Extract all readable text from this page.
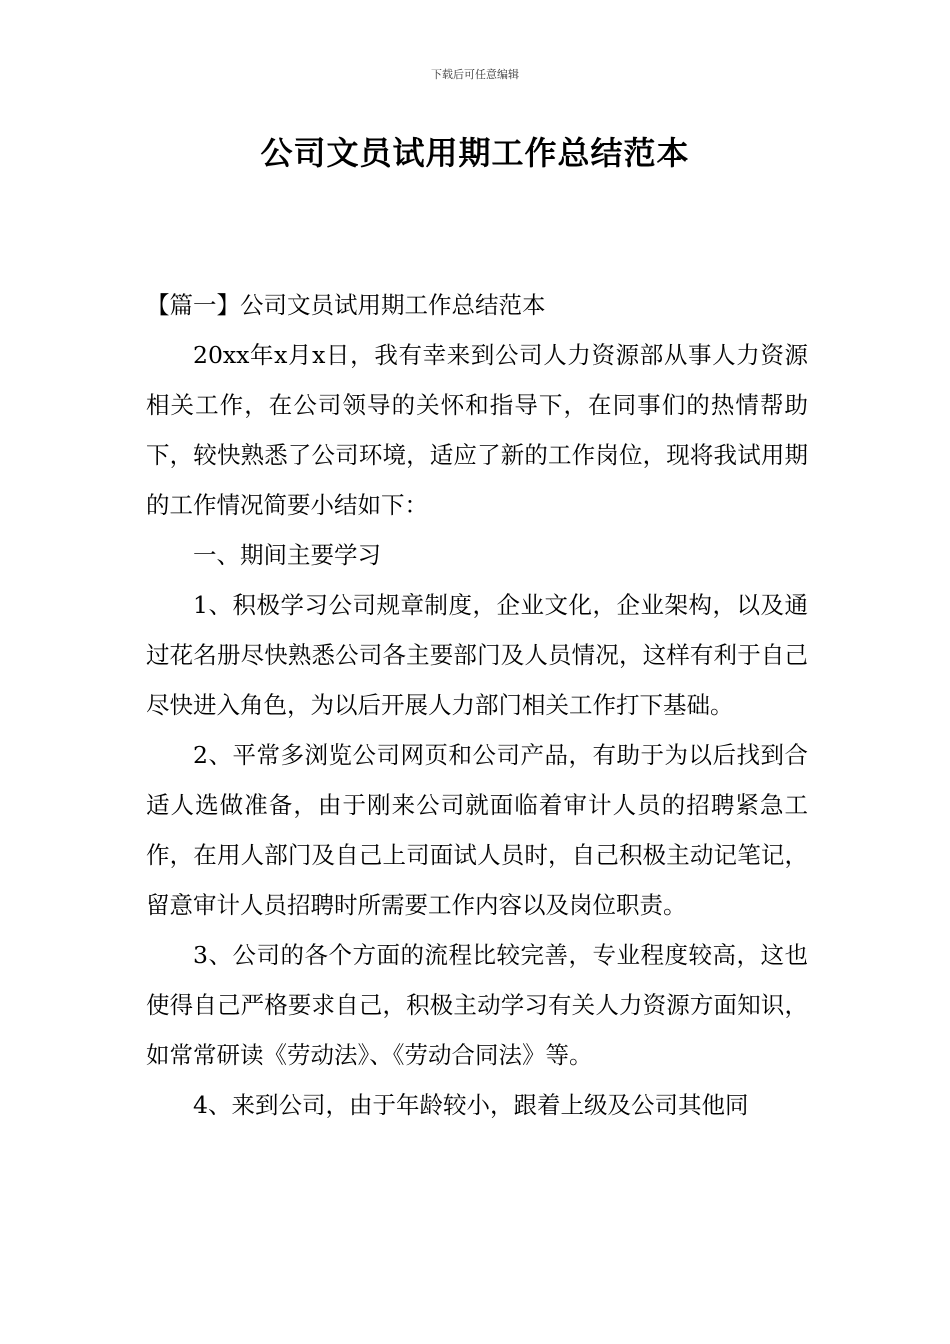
下载后可任意编辑
公司文员试用期工作总结范本

【篇一】公司文员试用期工作总结范本

20xx年x月x日，我有幸来到公司人力资源部从事人力资源相关工作，在公司领导的关怀和指导下，在同事们的热情帮助下，较快熟悉了公司环境，适应了新的工作岗位，现将我试用期的工作情况简要小结如下：

一、期间主要学习

1、积极学习公司规章制度，企业文化，企业架构，以及通过花名册尽快熟悉公司各主要部门及人员情况，这样有利于自己尽快进入角色，为以后开展人力部门相关工作打下基础。

2、平常多浏览公司网页和公司产品，有助于为以后找到合适人选做准备，由于刚来公司就面临着审计人员的招聘紧急工作，在用人部门及自己上司面试人员时，自己积极主动记笔记，留意审计人员招聘时所需要工作内容以及岗位职责。

3、公司的各个方面的流程比较完善，专业程度较高，这也使得自己严格要求自己，积极主动学习有关人力资源方面知识，如常常研读《劳动法》、《劳动合同法》等。

4、来到公司，由于年龄较小，跟着上级及公司其他同
